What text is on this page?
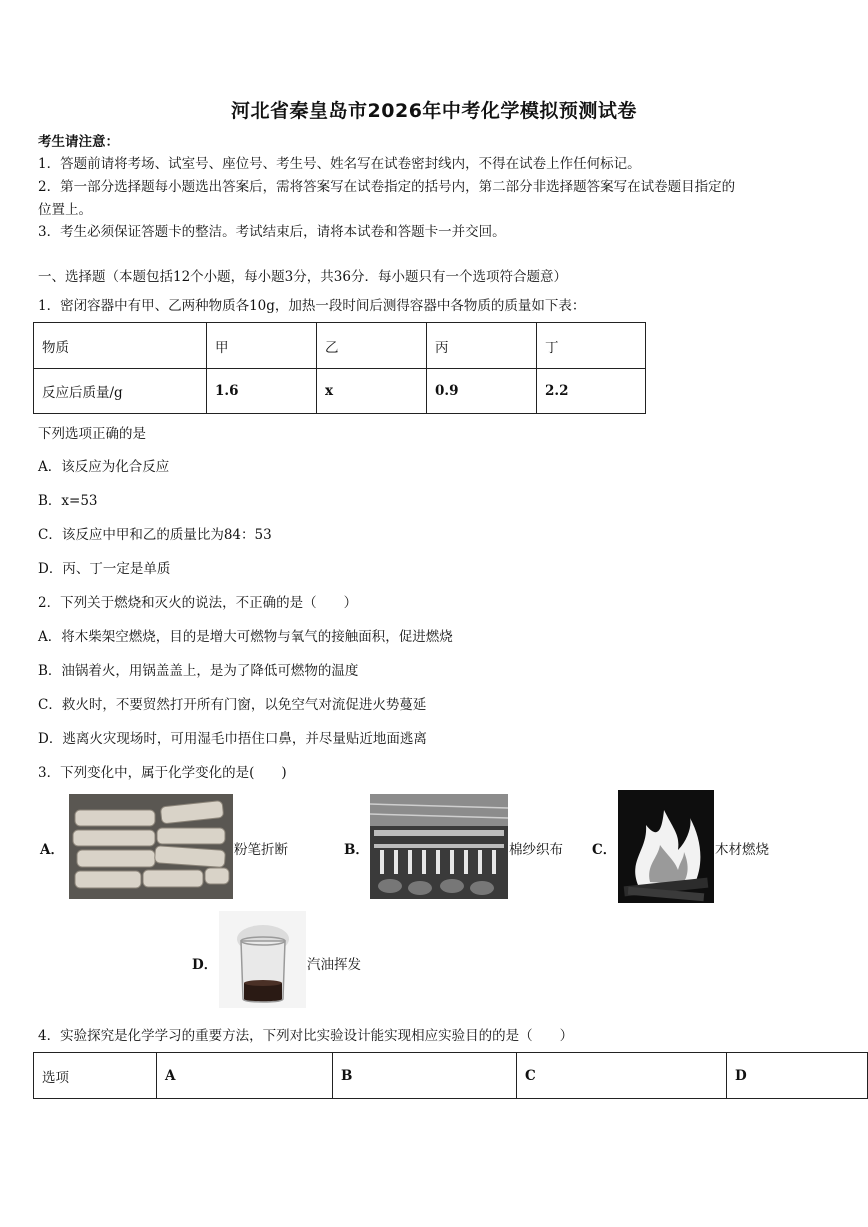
河北省秦皇岛市2026年中考化学模拟预测试卷
考生请注意：
1．答题前请将考场、试室号、座位号、考生号、姓名写在试卷密封线内，不得在试卷上作任何标记。
2．第一部分选择题每小题选出答案后，需将答案写在试卷指定的括号内，第二部分非选择题答案写在试卷题目指定的
位置上。
3．考生必须保证答题卡的整洁。考试结束后，请将本试卷和答题卡一并交回。
一、选择题（本题包括12个小题，每小题3分，共36分．每小题只有一个选项符合题意）
1．密闭容器中有甲、乙两种物质各10g，加热一段时间后测得容器中各物质的质量如下表：
物质	甲	乙	丙	丁
反应后质量/g	1.6	x	0.9	2.2
下列选项正确的是
A．该反应为化合反应
B．x=53
C．该反应中甲和乙的质量比为84：53
D．丙、丁一定是单质
2．下列关于燃烧和灭火的说法，不正确的是（　　）
A．将木柴架空燃烧，目的是增大可燃物与氧气的接触面积，促进燃烧
B．油锅着火，用锅盖盖上，是为了降低可燃物的温度
C．救火时，不要贸然打开所有门窗，以免空气对流促进火势蔓延
D．逃离火灾现场时，可用湿毛巾捂住口鼻，并尽量贴近地面逃离
3．下列变化中，属于化学变化的是(　　)
A．	粉笔折断	B．	棉纱织布 C．	木材燃烧
D．	汽油挥发
4．实验探究是化学学习的重要方法，下列对比实验设计能实现相应实验目的的是（　　）
选项	A	B	C	D
